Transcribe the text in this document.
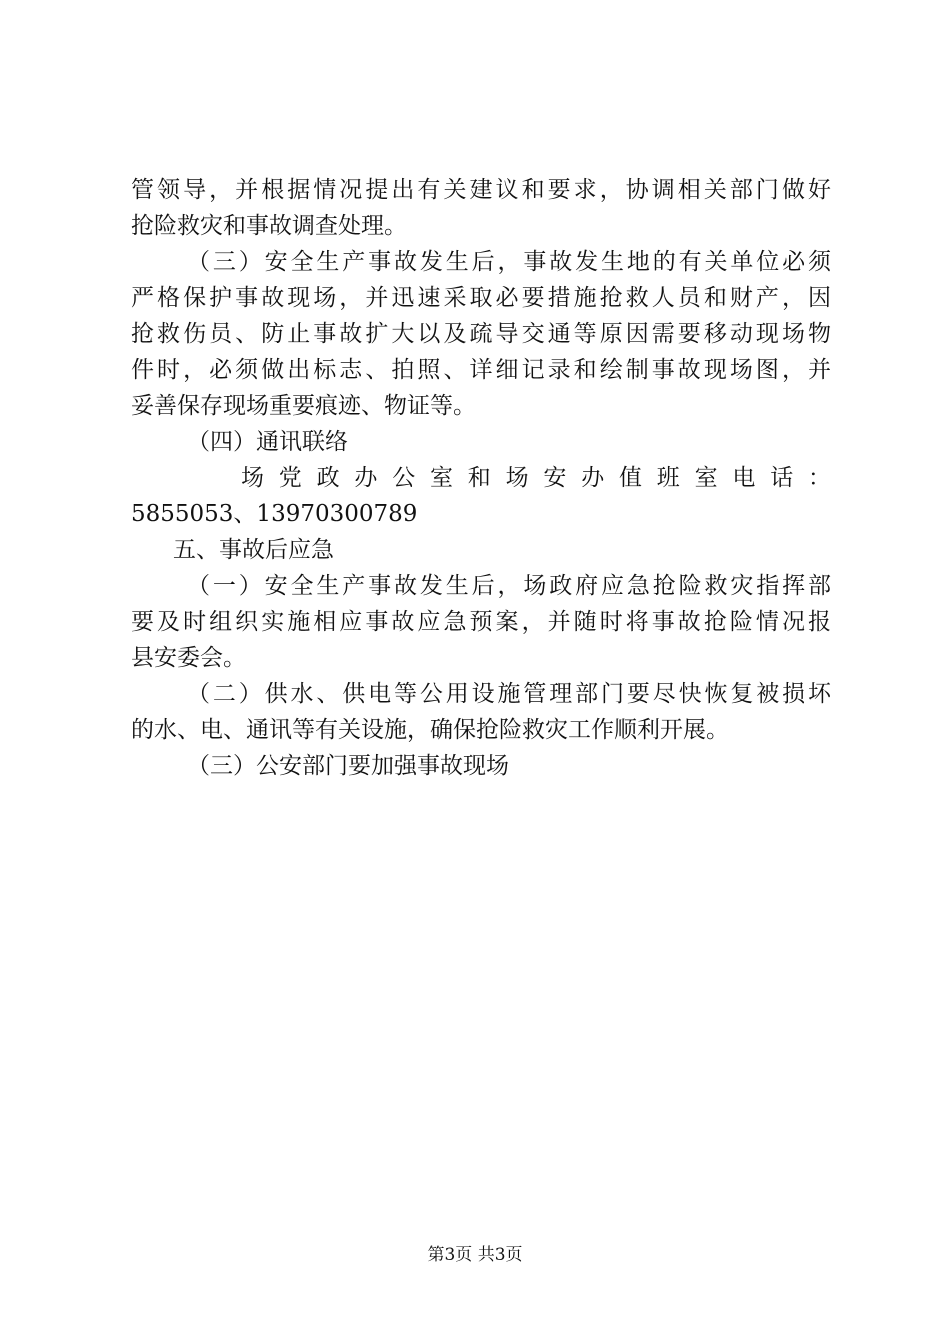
管领导，并根据情况提出有关建议和要求，协调相关部门做好
抢险救灾和事故调查处理。
（三）安全生产事故发生后，事故发生地的有关单位必须
严格保护事故现场，并迅速采取必要措施抢救人员和财产，因
抢救伤员、防止事故扩大以及疏导交通等原因需要移动现场物
件时，必须做出标志、拍照、详细记录和绘制事故现场图，并
妥善保存现场重要痕迹、物证等。
（四）通讯联络
场党政办公室和场安办值班室电话：
5855053、13970300789
五、事故后应急
（一）安全生产事故发生后，场政府应急抢险救灾指挥部
要及时组织实施相应事故应急预案，并随时将事故抢险情况报
县安委会。
（二）供水、供电等公用设施管理部门要尽快恢复被损坏
的水、电、通讯等有关设施，确保抢险救灾工作顺利开展。
（三）公安部门要加强事故现场
第3页 共3页
